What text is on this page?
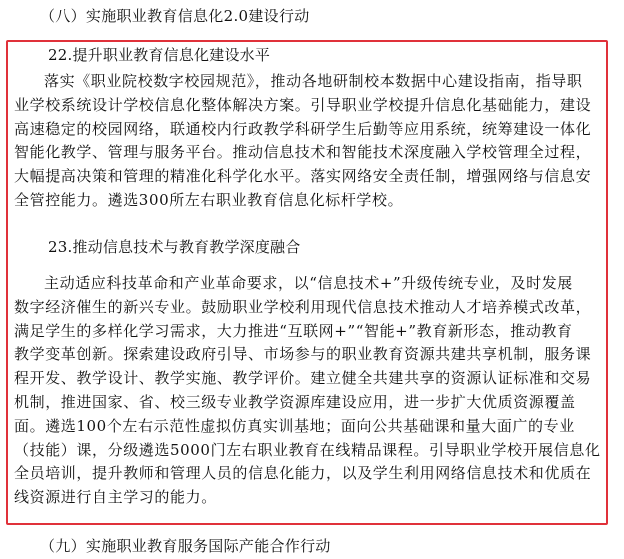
（八）实施职业教育信息化2.0建设行动
22.提升职业教育信息化建设水平
落实《职业院校数字校园规范》，推动各地研制校本数据中心建设指南，指导职
业学校系统设计学校信息化整体解决方案。引导职业学校提升信息化基础能力，建设
高速稳定的校园网络，联通校内行政教学科研学生后勤等应用系统，统筹建设一体化
智能化教学、管理与服务平台。推动信息技术和智能技术深度融入学校管理全过程，
大幅提高决策和管理的精准化科学化水平。落实网络安全责任制，增强网络与信息安
全管控能力。遴选300所左右职业教育信息化标杆学校。
23.推动信息技术与教育教学深度融合
主动适应科技革命和产业革命要求，以“信息技术+”升级传统专业，及时发展
数字经济催生的新兴专业。鼓励职业学校利用现代信息技术推动人才培养模式改革，
满足学生的多样化学习需求，大力推进“互联网+”“智能+”教育新形态，推动教育
教学变革创新。探索建设政府引导、市场参与的职业教育资源共建共享机制，服务课
程开发、教学设计、教学实施、教学评价。建立健全共建共享的资源认证标准和交易
机制，推进国家、省、校三级专业教学资源库建设应用，进一步扩大优质资源覆盖
面。遴选100个左右示范性虚拟仿真实训基地；面向公共基础课和量大面广的专业
（技能）课，分级遴选5000门左右职业教育在线精品课程。引导职业学校开展信息化
全员培训，提升教师和管理人员的信息化能力，以及学生利用网络信息技术和优质在
线资源进行自主学习的能力。
（九）实施职业教育服务国际产能合作行动
